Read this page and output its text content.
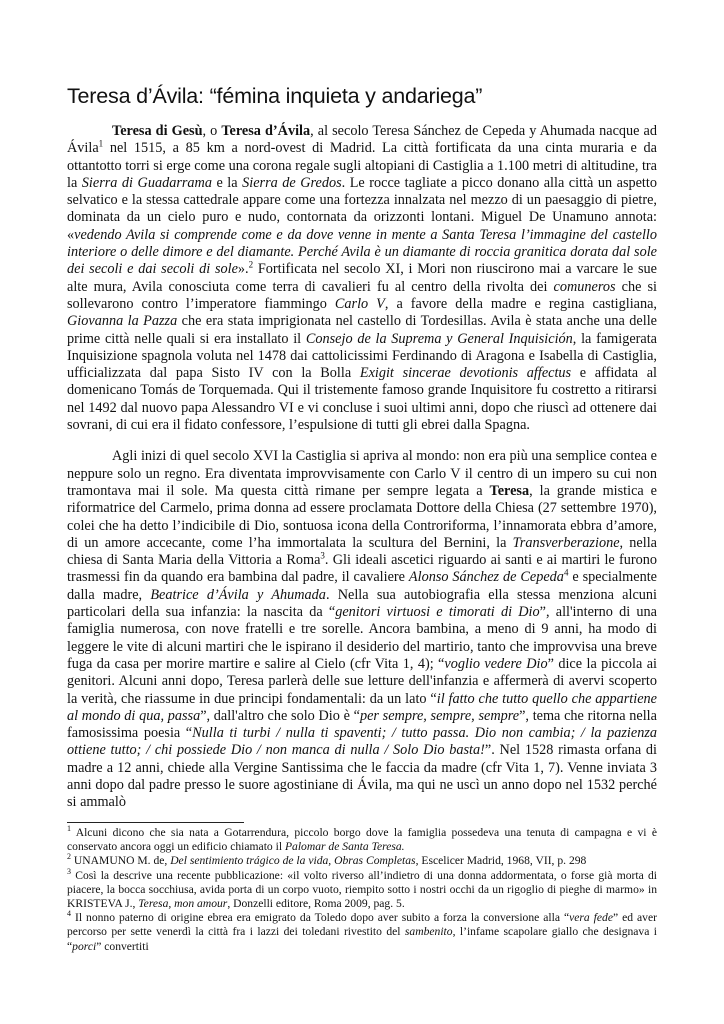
Teresa d’Ávila: “fémina inquieta y andariega”

Teresa di Gesù, o Teresa d’Ávila, al secolo Teresa Sánchez de Cepeda y Ahumada nacque ad Ávila$^1$ nel 1515, a 85 km a nord-ovest di Madrid. La città fortificata da una cinta muraria e da ottantotto torri si erge come una corona regale sugli altopiani di Castiglia a 1.100 metri di altitudine, tra la Sierra di Guadarrama e la Sierra de Gredos. Le rocce tagliate a picco donano alla città un aspetto selvatico e la stessa cattedrale appare come una fortezza innalzata nel mezzo di un paesaggio di pietre, dominata da un cielo puro e nudo, contornata da orizzonti lontani. Miguel De Unamuno annota: «vedendo Avila si comprende come e da dove venne in mente a Santa Teresa l’immagine del castello interiore o delle dimore e del diamante. Perché Avila è un diamante di roccia granitica dorata dal sole dei secoli e dai secoli di sole».$^2$ Fortificata nel secolo XI, i Mori non riuscirono mai a varcare le sue alte mura, Avila conosciuta come terra di cavalieri fu al centro della rivolta dei comuneros che si sollevarono contro l’imperatore fiammingo Carlo V, a favore della madre e regina castigliana, Giovanna la Pazza che era stata imprigionata nel castello di Tordesillas. Avila è stata anche una delle prime città nelle quali si era installato il Consejo de la Suprema y General Inquisición, la famigerata Inquisizione spagnola voluta nel 1478 dai cattolicissimi Ferdinando di Aragona e Isabella di Castiglia, ufficializzata dal papa Sisto IV con la Bolla Exigit sincerae devotionis affectus e affidata al domenicano Tomás de Torquemada. Qui il tristemente famoso grande Inquisitore fu costretto a ritirarsi nel 1492 dal nuovo papa Alessandro VI e vi concluse i suoi ultimi anni, dopo che riuscì ad ottenere dai sovrani, di cui era il fidato confessore, l’espulsione di tutti gli ebrei dalla Spagna.

Agli inizi di quel secolo XVI la Castiglia si apriva al mondo: non era più una semplice contea e neppure solo un regno. Era diventata improvvisamente con Carlo V il centro di un impero su cui non tramontava mai il sole. Ma questa città rimane per sempre legata a Teresa, la grande mistica e riformatrice del Carmelo, prima donna ad essere proclamata Dottore della Chiesa (27 settembre 1970), colei che ha detto l’indicibile di Dio, sontuosa icona della Controriforma, l’innamorata ebbra d’amore, di un amore accecante, come l’ha immortalata la scultura del Bernini, la Transverberazione, nella chiesa di Santa Maria della Vittoria a Roma$^3$. Gli ideali ascetici riguardo ai santi e ai martiri le furono trasmessi fin da quando era bambina dal padre, il cavaliere Alonso Sánchez de Cepeda$^4$ e specialmente dalla madre, Beatrice d’Ávila y Ahumada. Nella sua autobiografia ella stessa menziona alcuni particolari della sua infanzia: la nascita da “genitori virtuosi e timorati di Dio”, all'interno di una famiglia numerosa, con nove fratelli e tre sorelle. Ancora bambina, a meno di 9 anni, ha modo di leggere le vite di alcuni martiri che le ispirano il desiderio del martirio, tanto che improvvisa una breve fuga da casa per morire martire e salire al Cielo (cfr Vita 1, 4); “voglio vedere Dio” dice la piccola ai genitori. Alcuni anni dopo, Teresa parlerà delle sue letture dell'infanzia e affermerà di avervi scoperto la verità, che riassume in due principi fondamentali: da un lato “il fatto che tutto quello che appartiene al mondo di qua, passa”, dall'altro che solo Dio è “per sempre, sempre, sempre”, tema che ritorna nella famosissima poesia “Nulla ti turbi / nulla ti spaventi; / tutto passa. Dio non cambia; / la pazienza ottiene tutto; / chi possiede Dio / non manca di nulla / Solo Dio basta!”. Nel 1528 rimasta orfana di madre a 12 anni, chiede alla Vergine Santissima che le faccia da madre (cfr Vita 1, 7). Venne inviata 3 anni dopo dal padre presso le suore agostiniane di Ávila, ma qui ne uscì un anno dopo nel 1532 perché si ammalò

$^1$ Alcuni dicono che sia nata a Gotarrendura, piccolo borgo dove la famiglia possedeva una tenuta di campagna e vi è conservato ancora oggi un edificio chiamato il Palomar de Santa Teresa.

$^2$ UNAMUNO M. de, Del sentimiento trágico de la vida, Obras Completas, Escelicer Madrid, 1968, VII, p. 298

$^3$ Così la descrive una recente pubblicazione: «il volto riverso all’indietro di una donna addormentata, o forse già morta di piacere, la bocca socchiusa, avida porta di un corpo vuoto, riempito sotto i nostri occhi da un rigoglio di pieghe di marmo» in KRISTEVA J., Teresa, mon amour, Donzelli editore, Roma 2009, pag. 5.

$^4$ Il nonno paterno di origine ebrea era emigrato da Toledo dopo aver subito a forza la conversione alla “vera fede” ed aver percorso per sette venerdì la città fra i lazzi dei toledani rivestito del sambenito, l’infame scapolare giallo che designava i “porci” convertiti
